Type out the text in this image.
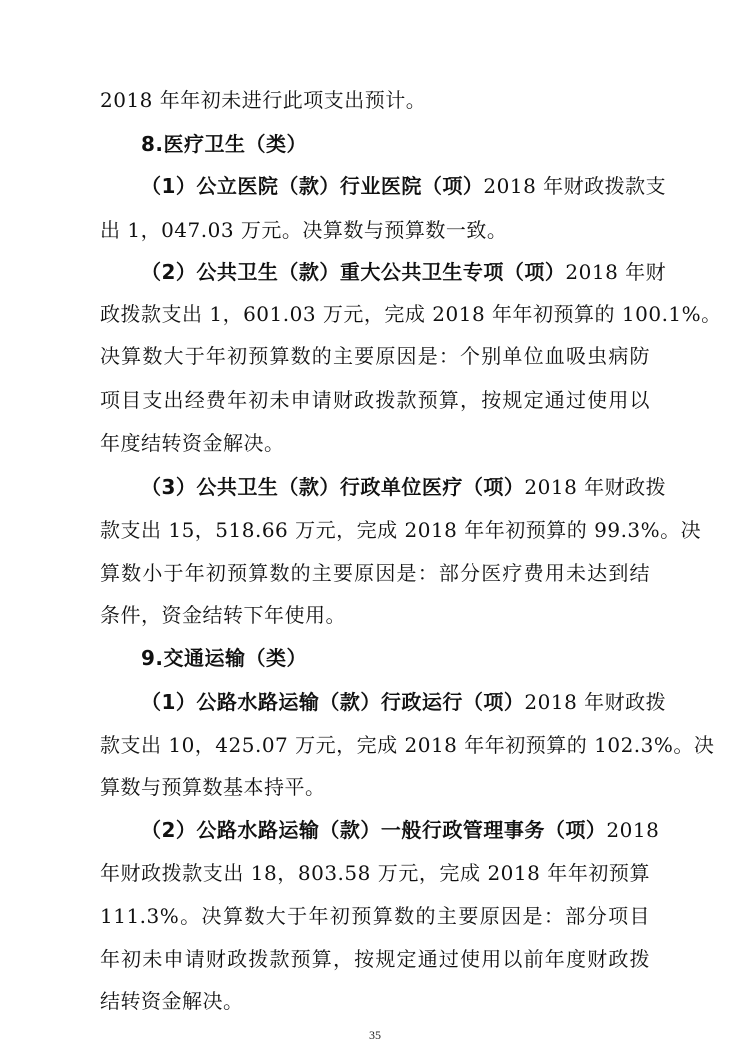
2018 年年初未进行此项支出预计。
8.医疗卫生（类）
（1）公立医院（款）行业医院（项）2018 年财政拨款支
出 1，047.03 万元。决算数与预算数一致。
（2）公共卫生（款）重大公共卫生专项（项）2018 年财
政拨款支出 1，601.03 万元，完成 2018 年年初预算的 100.1%。
决算数大于年初预算数的主要原因是：个别单位血吸虫病防
项目支出经费年初未申请财政拨款预算，按规定通过使用以
年度结转资金解决。
（3）公共卫生（款）行政单位医疗（项）2018 年财政拨
款支出 15，518.66 万元，完成 2018 年年初预算的 99.3%。决
算数小于年初预算数的主要原因是：部分医疗费用未达到结
条件，资金结转下年使用。
9.交通运输（类）
（1）公路水路运输（款）行政运行（项）2018 年财政拨
款支出 10，425.07 万元，完成 2018 年年初预算的 102.3%。决
算数与预算数基本持平。
（2）公路水路运输（款）一般行政管理事务（项）2018
年财政拨款支出 18，803.58 万元，完成 2018 年年初预算
111.3%。决算数大于年初预算数的主要原因是：部分项目
年初未申请财政拨款预算，按规定通过使用以前年度财政拨
结转资金解决。
35
